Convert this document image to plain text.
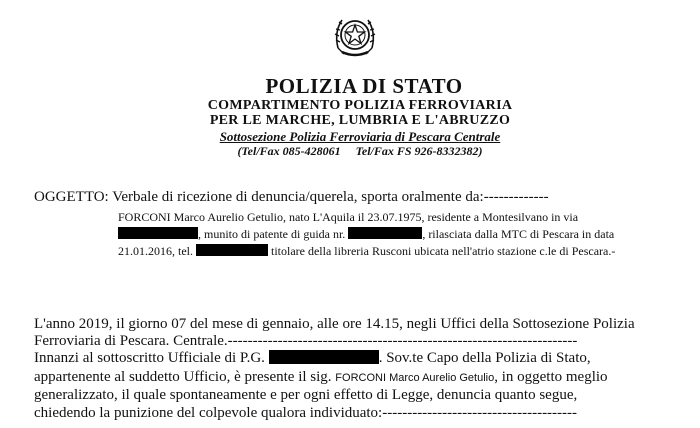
POLIZIA DI STATO
COMPARTIMENTO POLIZIA FERROVIARIA
PER LE MARCHE, LUMBRIA E L'ABRUZZO
Sottosezione Polizia Ferroviaria di Pescara Centrale
(Tel/Fax 085-428061 Tel/Fax FS 926-8332382)
OGGETTO: Verbale di ricezione di denuncia/querela, sporta oralmente da:-------------
FORCONI Marco Aurelio Getulio, nato L'Aquila il 23.07.1975, residente a Montesilvano in via
, munito di patente di guida nr.	, rilasciata dalla MTC di Pescara in data
21.01.2016, tel.	titolare della libreria Rusconi ubicata nell'atrio stazione c.le di Pescara.-
L'anno 2019, il giorno 07 del mese di gennaio, alle ore 14.15, negli Uffici della Sottosezione Polizia
Ferroviaria di Pescara. Centrale.----------------------------------------------------------------------
Innanzi al sottoscritto Ufficiale di P.G.	. Sov.te Capo della Polizia di Stato,
appartenente al suddetto Ufficio, è presente il sig. FORCONI Marco Aurelio Getulio, in oggetto meglio
generalizzato, il quale spontaneamente e per ogni effetto di Legge, denuncia quanto segue,
chiedendo la punizione del colpevole qualora individuato:---------------------------------------
